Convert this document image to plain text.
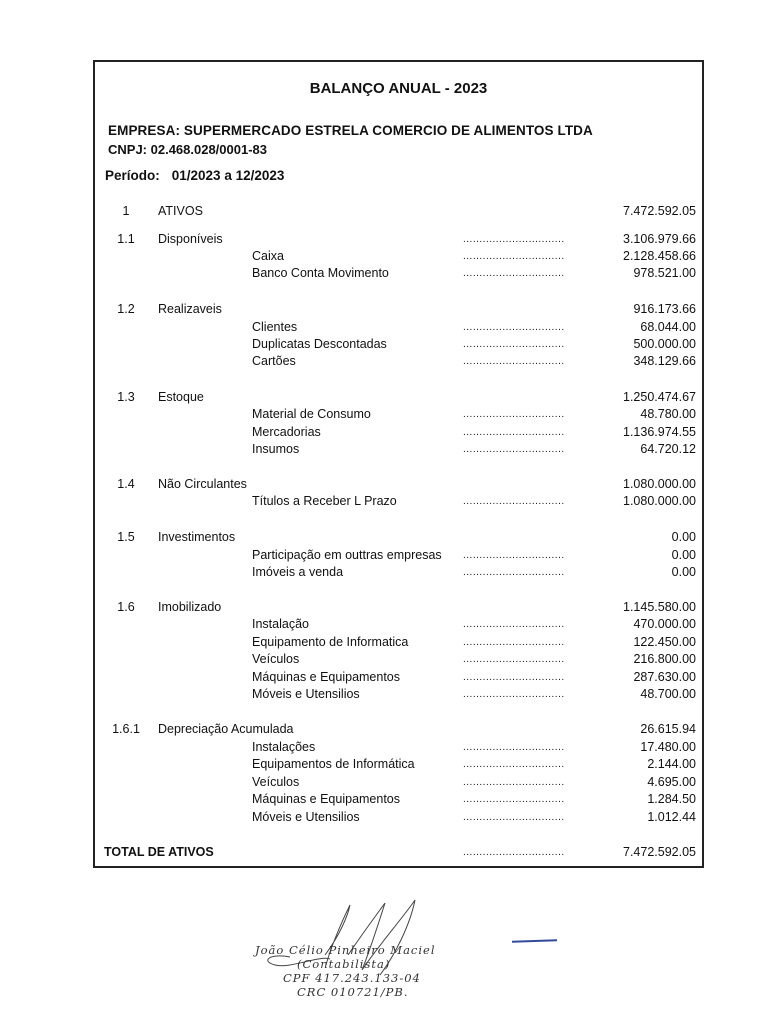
BALANÇO ANUAL - 2023
EMPRESA: SUPERMERCADO ESTRELA COMERCIO DE ALIMENTOS LTDA
CNPJ: 02.468.028/0001-83
Período: 01/2023 a 12/2023
1	ATIVOS	7.472.592.05
1.1	Disponíveis	...............................	3.106.979.66
Caixa	...............................	2.128.458.66
Banco Conta Movimento	...............................	978.521.00
1.2	Realizaveis	916.173.66
Clientes	...............................	68.044.00
Duplicatas Descontadas	...............................	500.000.00
Cartões	...............................	348.129.66
1.3	Estoque	1.250.474.67
Material de Consumo	...............................	48.780.00
Mercadorias	...............................	1.136.974.55
Insumos	...............................	64.720.12
1.4	Não Circulantes	1.080.000.00
Títulos a Receber L Prazo	...............................	1.080.000.00
1.5	Investimentos	0.00
Participação em outtras empresas ...............................	0.00
Imóveis a venda	...............................	0.00
1.6	Imobilizado	1.145.580.00
Instalação	...............................	470.000.00
Equipamento de Informatica	...............................	122.450.00
Veículos	...............................	216.800.00
Máquinas e Equipamentos	...............................	287.630.00
Móveis e Utensilios	...............................	48.700.00
1.6.1	Depreciação Acumulada	26.615.94
Instalações	...............................	17.480.00
Equipamentos de Informática	...............................	2.144.00
Veículos	...............................	4.695.00
Máquinas e Equipamentos	...............................	1.284.50
Móveis e Utensilios	...............................	1.012.44
TOTAL DE ATIVOS	...............................	7.472.592.05
João Célio Pinheiro Maciel
(Contabilista)
CPF 417.243.133-04
CRC 010721/PB.
